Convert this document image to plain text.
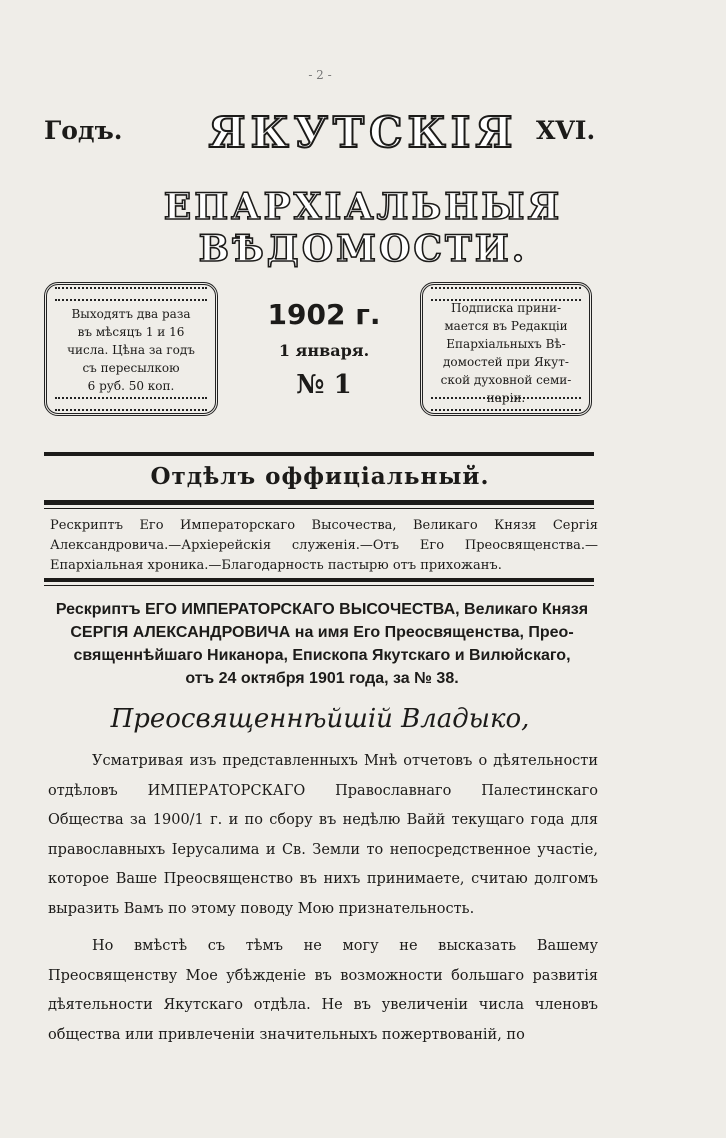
- 2 -
Годъ.	ЯКУТСКІЯ XVI.
ЕПАРХІАЛЬНЫЯ ВѢДОМОСТИ.
Выходятъ два раза
въ мѣсяцъ 1 и 16
числа. Цѣна за годъ
съ пересылкою
6 руб. 50 коп.
1902 г.
1 января.
№ 1
Подписка прини-
мается въ Редакціи
Епархіальныхъ Вѣ-
домостей при Якут-
ской духовной семи-
наріи.
Отдѣлъ оффиціальный.
Рескриптъ Его Императорскаго Высочества, Великаго Князя Сергія Александровича.—Архіерейскія служенія.—Отъ Его Преосвященства.—Епархіальная хроника.—Благодарность пастырю отъ прихожанъ.
Рескриптъ ЕГО ИМПЕРАТОРСКАГО ВЫСОЧЕСТВА, Великаго Князя
СЕРГІЯ АЛЕКСАНДРОВИЧА на имя Его Преосвященства, Прео-
священнѣйшаго Никанора, Епископа Якутскаго и Вилюйскаго,
отъ 24 октября 1901 года, за № 38.
Преосвященнѣйшій Владыко,

Усматривая изъ представленныхъ Мнѣ отчетовъ о дѣятельности отдѣловъ ИМПЕРАТОРСКАГО Православнаго Палестинскаго Общества за 1900/1 г. и по сбору въ недѣлю Вайй текущаго года для православныхъ Іерусалима и Св. Земли то непосредственное участіе, которое Ваше Преосвященство въ нихъ принимаете, считаю долгомъ выразить Вамъ по этому поводу Мою признательность.

Но вмѣстѣ съ тѣмъ не могу не высказать Вашему Преосвященству Мое убѣжденіе въ возможности большаго развитія дѣятельности Якутскаго отдѣла. Не въ увеличеніи числа членовъ общества или привлеченіи значительныхъ пожертвованій, по
